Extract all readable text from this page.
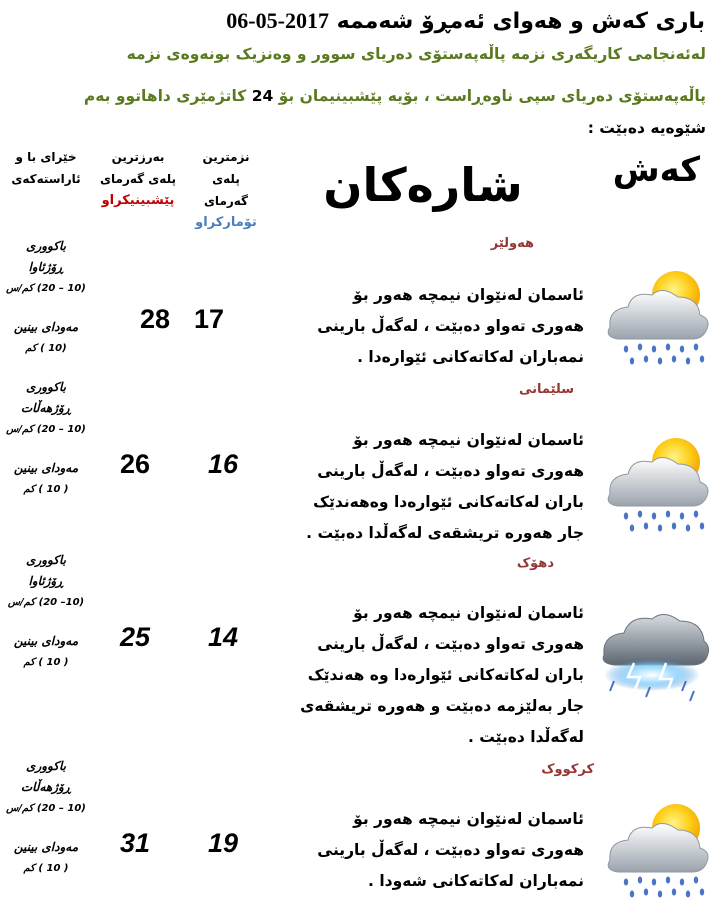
باری کەش و هەوای ئەمڕۆ شەممە 2017-05-06
لەئەنجامی کاریگەری نزمە پاڵەپەستۆی دەریای سوور و وەنزیک بونەوەی نزمە
پاڵەپەستۆی دەریای سپی ناوەڕاست ، بۆیە پێشبینیمان بۆ 24 کاتژمێری داهاتوو بەم
شێوەیە دەبێت :
کەش
شارەکان
نزمترین پلەی
گەرمای
تۆمارکراو
بەرزترین
پلەی گەرمای
پێشبینیکراو
خێرای با و
ئاراستەکەی
هەولێر
ئاسمان لەنێوان نیمچە هەور بۆ
هەوری تەواو دەبێت ، لەگەڵ بارینی
نمەباران لەکاتەکانی ئێوارەدا .
17
28
باکووری
ڕۆژئاوا
(10 – 20) کم/س
مەودای بینین
(10 ) کم
سلێمانی
ئاسمان لەنێوان نیمچە هەور بۆ
هەوری تەواو دەبێت ، لەگەڵ بارینی
باران لەکاتەکانی ئێوارەدا وەهەندێک
جار هەورە تریشقەی لەگەڵدا دەبێت .
16
26
باکووری
ڕۆژهەڵات
(10 – 20) کم/س
مەودای بینین
( 10 ) کم
دهۆک
ئاسمان لەنێوان نیمچە هەور بۆ
هەوری تەواو دەبێت ، لەگەڵ بارینی
باران لەکاتەکانی ئێوارەدا وە هەندێک
جار بەلێزمە دەبێت و هەورە تریشقەی
لەگەڵدا دەبێت .
14
25
باکووری
ڕۆژئاوا
(10– 20) کم/س
مەودای بینین
( 10 ) کم
کرکووک
ئاسمان لەنێوان نیمچە هەور بۆ
هەوری تەواو دەبێت ، لەگەڵ بارینی
نمەباران لەکاتەکانی شەودا .
19
31
باکووری
ڕۆژهەڵات
(10 – 20) کم/س
مەودای بینین
( 10 ) کم
